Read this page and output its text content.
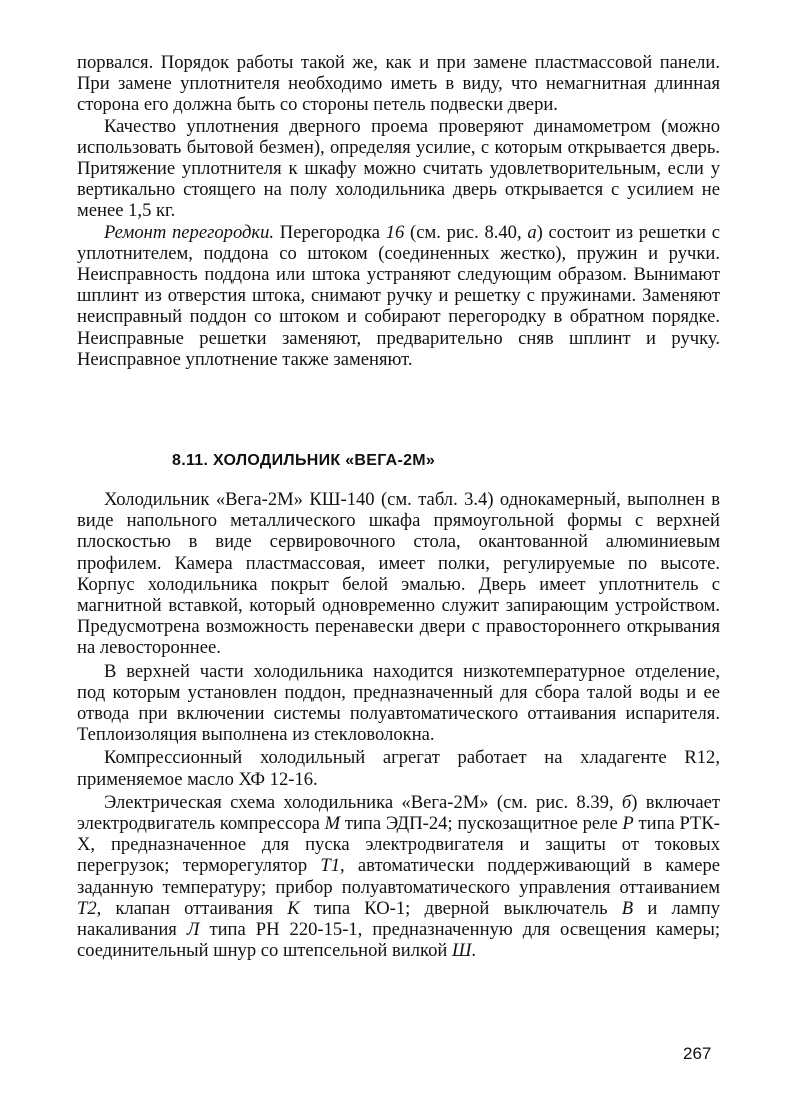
порвался. Порядок работы такой же, как и при замене пластмассовой панели. При замене уплотнителя необходимо иметь в виду, что немагнитная длинная сторона его должна быть со стороны петель подвески двери.

Качество уплотнения дверного проема проверяют динамометром (можно использовать бытовой безмен), определяя усилие, с которым открывается дверь. Притяжение уплотнителя к шкафу можно считать удовлетворительным, если у вертикально стоящего на полу холодильника дверь открывается с усилием не менее 1,5 кг.

Ремонт перегородки. Перегородка 16 (см. рис. 8.40, а) состоит из решетки с уплотнителем, поддона со штоком (соединенных жестко), пружин и ручки. Неисправность поддона или штока устраняют следующим образом. Вынимают шплинт из отверстия штока, снимают ручку и решетку с пружинами. Заменяют неисправный поддон со штоком и собирают перегородку в обратном порядке. Неисправные решетки заменяют, предварительно сняв шплинт и ручку. Неисправное уплотнение также заменяют.

8.11. ХОЛОДИЛЬНИК «ВЕГА-2М»

Холодильник «Вега-2М» КШ-140 (см. табл. 3.4) однокамерный, выполнен в виде напольного металлического шкафа прямоугольной формы с верхней плоскостью в виде сервировочного стола, окантованной алюминиевым профилем. Камера пластмассовая, имеет полки, регулируемые по высоте. Корпус холодильника покрыт белой эмалью. Дверь имеет уплотнитель с магнитной вставкой, который одновременно служит запирающим устройством. Предусмотрена возможность перенавески двери с правостороннего открывания на левостороннее.

В верхней части холодильника находится низкотемпературное отделение, под которым установлен поддон, предназначенный для сбора талой воды и ее отвода при включении системы полуавтоматического оттаивания испарителя. Теплоизоляция выполнена из стекловолокна.

Компрессионный холодильный агрегат работает на хладагенте R12, применяемое масло ХФ 12-16.

Электрическая схема холодильника «Вега-2М» (см. рис. 8.39, б) включает электродвигатель компрессора М типа ЭДП-24; пускозащитное реле Р типа РТК-Х, предназначенное для пуска электродвигателя и защиты от токовых перегрузок; терморегулятор Т1, автоматически поддерживающий в камере заданную температуру; прибор полуавтоматического управления оттаиванием Т2, клапан оттаивания К типа КО-1; дверной выключатель В и лампу накаливания Л типа РН 220-15-1, предназначенную для освещения камеры; соединительный шнур со штепсельной вилкой Ш.

267
